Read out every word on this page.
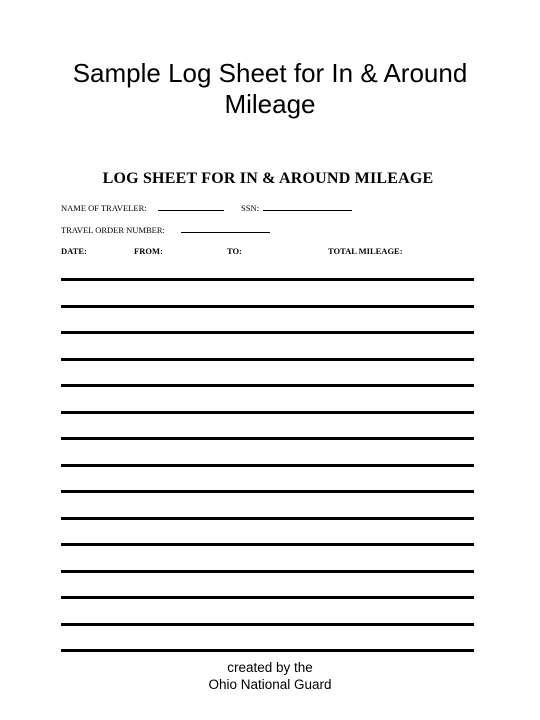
Sample Log Sheet for In & Around
Mileage
LOG SHEET FOR IN & AROUND MILEAGE
NAME OF TRAVELER:	SSN:
TRAVEL ORDER NUMBER:
DATE:	FROM:	TO:	TOTAL MILEAGE:
created by the
Ohio National Guard
